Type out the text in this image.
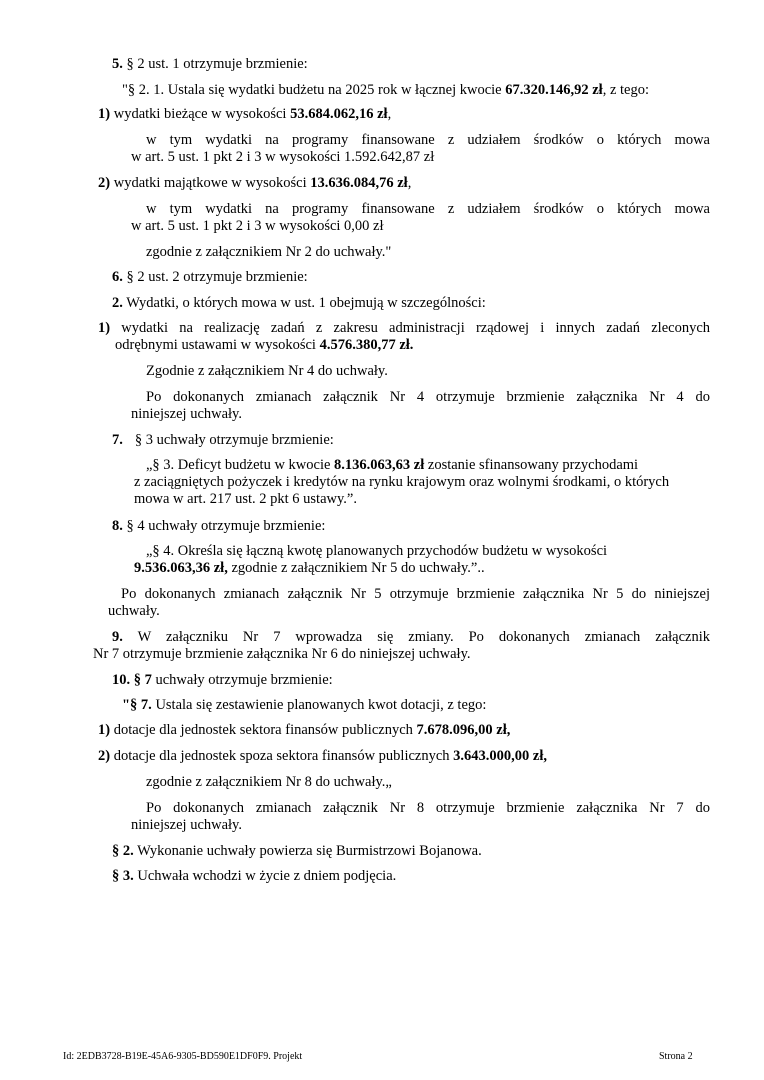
5. § 2 ust. 1 otrzymuje brzmienie:

"§ 2. 1. Ustala się wydatki budżetu na 2025 rok w łącznej kwocie 67.320.146,92 zł, z tego:

1) wydatki bieżące w wysokości 53.684.062,16 zł,

w tym wydatki na programy finansowane z udziałem środków o których mowa

w art. 5 ust. 1 pkt 2 i 3 w wysokości 1.592.642,87 zł

2) wydatki majątkowe w wysokości 13.636.084,76 zł,

w tym wydatki na programy finansowane z udziałem środków o których mowa

w art. 5 ust. 1 pkt 2 i 3 w wysokości 0,00 zł

zgodnie z załącznikiem Nr 2 do uchwały."

6. § 2 ust. 2 otrzymuje brzmienie:

2. Wydatki, o których mowa w ust. 1 obejmują w szczególności:

1) wydatki na realizację zadań z zakresu administracji rządowej i innych zadań zleconych

odrębnymi ustawami w wysokości 4.576.380,77 zł.

Zgodnie z załącznikiem Nr 4 do uchwały.

Po dokonanych zmianach załącznik Nr 4 otrzymuje brzmienie załącznika Nr 4 do

niniejszej uchwały.

7. § 3 uchwały otrzymuje brzmienie:

„§ 3. Deficyt budżetu w kwocie 8.136.063,63 zł zostanie sfinansowany przychodami

z zaciągniętych pożyczek i kredytów na rynku krajowym oraz wolnymi środkami, o których

mowa w art. 217 ust. 2 pkt 6 ustawy.”.

8. § 4 uchwały otrzymuje brzmienie:

„§ 4. Określa się łączną kwotę planowanych przychodów budżetu w wysokości

9.536.063,36 zł, zgodnie z załącznikiem Nr 5 do uchwały.”..

Po dokonanych zmianach załącznik Nr 5 otrzymuje brzmienie załącznika Nr 5 do niniejszej

uchwały.

9. W załączniku Nr 7 wprowadza się zmiany. Po dokonanych zmianach załącznik

Nr 7 otrzymuje brzmienie załącznika Nr 6 do niniejszej uchwały.

10. § 7 uchwały otrzymuje brzmienie:

"§ 7. Ustala się zestawienie planowanych kwot dotacji, z tego:

1) dotacje dla jednostek sektora finansów publicznych 7.678.096,00 zł,

2) dotacje dla jednostek spoza sektora finansów publicznych 3.643.000,00 zł,

zgodnie z załącznikiem Nr 8 do uchwały.„

Po dokonanych zmianach załącznik Nr 8 otrzymuje brzmienie załącznika Nr 7 do

niniejszej uchwały.

§ 2. Wykonanie uchwały powierza się Burmistrzowi Bojanowa.

§ 3. Uchwała wchodzi w życie z dniem podjęcia.

Id: 2EDB3728-B19E-45A6-9305-BD590E1DF0F9. Projekt	Strona 2
